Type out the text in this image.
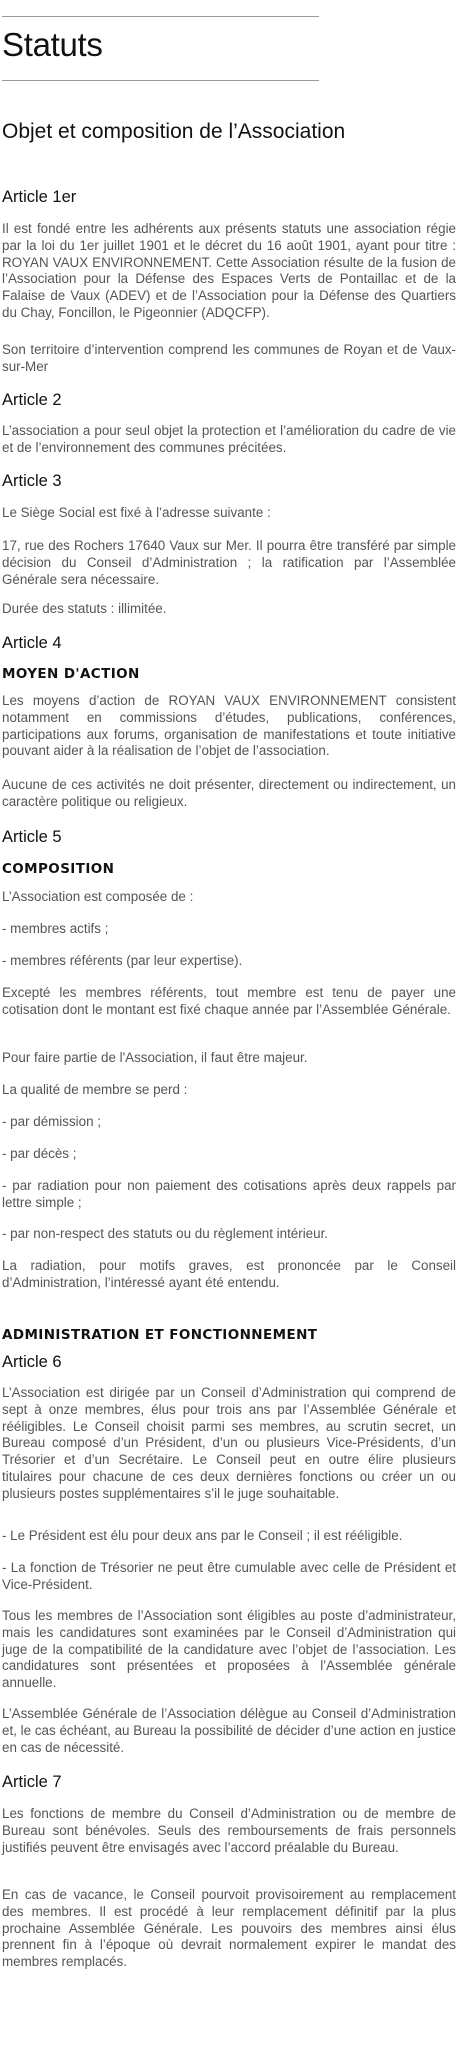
Statuts
Objet et composition de l’Association
Article 1er

Il est fondé entre les adhérents aux présents statuts une association régie par la loi du 1er juillet 1901 et le décret du 16 août 1901, ayant pour titre : ROYAN VAUX ENVIRONNEMENT. Cette Association résulte de la fusion de l’Association pour la Défense des Espaces Verts de Pontaillac et de la Falaise de Vaux (ADEV) et de l’Association pour la Défense des Quartiers du Chay, Foncillon, le Pigeonnier (ADQCFP).

Son territoire d’intervention comprend les communes de Royan et de Vaux-sur-Mer

Article 2

L’association a pour seul objet la protection et l’amélioration du cadre de vie et de l’environnement des communes précitées.

Article 3

Le Siège Social est fixé à l’adresse suivante :

17, rue des Rochers 17640 Vaux sur Mer. Il pourra être transféré par simple décision du Conseil d’Administration ; la ratification par l’Assemblée Générale sera nécessaire.

Durée des statuts : illimitée.

Article 4
MOYEN D'ACTION

Les moyens d’action de ROYAN VAUX ENVIRONNEMENT consistent notamment en commissions d’études, publications, conférences, participations aux forums, organisation de manifestations et toute initiative pouvant aider à la réalisation de l’objet de l’association.

Aucune de ces activités ne doit présenter, directement ou indirectement, un caractère politique ou religieux.

Article 5
COMPOSITION

L’Association est composée de :

- membres actifs ;

- membres référents (par leur expertise).

Excepté les membres référents, tout membre est tenu de payer une cotisation dont le montant est fixé chaque année par l’Assemblée Générale.

Pour faire partie de l'Association, il faut être majeur.

La qualité de membre se perd :

- par démission ;

- par décès ;

- par radiation pour non paiement des cotisations après deux rappels par lettre simple ;

- par non-respect des statuts ou du règlement intérieur.

La radiation, pour motifs graves, est prononcée par le Conseil d’Administration, l’intéressé ayant été entendu.

ADMINISTRATION ET FONCTIONNEMENT
Article 6

L’Association est dirigée par un Conseil d’Administration qui comprend de sept à onze membres, élus pour trois ans par l’Assemblée Générale et rééligibles. Le Conseil choisit parmi ses membres, au scrutin secret, un Bureau composé d’un Président, d’un ou plusieurs Vice-Présidents, d’un Trésorier et d’un Secrétaire. Le Conseil peut en outre élire plusieurs titulaires pour chacune de ces deux dernières fonctions ou créer un ou plusieurs postes supplémentaires s’il le juge souhaitable.

- Le Président est élu pour deux ans par le Conseil ; il est rééligible.

- La fonction de Trésorier ne peut être cumulable avec celle de Président et Vice-Président.

Tous les membres de l’Association sont éligibles au poste d’administrateur, mais les candidatures sont examinées par le Conseil d’Administration qui juge de la compatibilité de la candidature avec l’objet de l’association. Les candidatures sont présentées et proposées à l’Assemblée générale annuelle.

L’Assemblée Générale de l’Association délègue au Conseil d’Administration et, le cas échéant, au Bureau la possibilité de décider d’une action en justice en cas de nécessité.

Article 7

Les fonctions de membre du Conseil d’Administration ou de membre de Bureau sont bénévoles. Seuls des remboursements de frais personnels justifiés peuvent être envisagés avec l’accord préalable du Bureau.

En cas de vacance, le Conseil pourvoit provisoirement au remplacement des membres. Il est procédé à leur remplacement définitif par la plus prochaine Assemblée Générale. Les pouvoirs des membres ainsi élus prennent fin à l’époque où devrait normalement expirer le mandat des membres remplacés.
